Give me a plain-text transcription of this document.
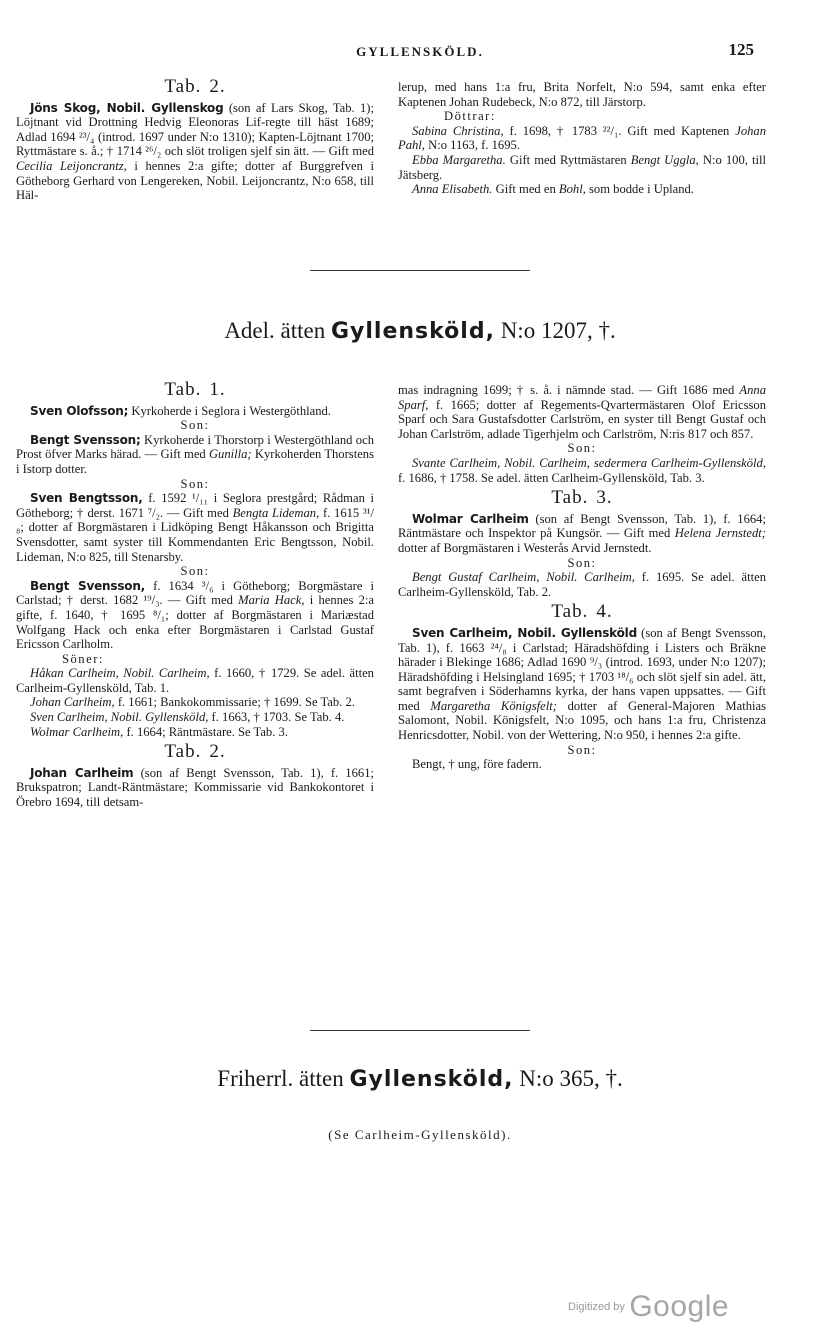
GYLLENSKÖLD.	125
Tab. 2.

Jöns Skog, Nobil. Gyllenskog (son af Lars Skog, Tab. 1); Löjtnant vid Drottning Hedvig Eleonoras Lif-regte till häst 1689; Adlad 1694 ²³/₄ (introd. 1697 under N:o 1310); Kapten-Löjtnant 1700; Ryttmästare s. å.; † 1714 ²⁶/₂ och slöt troligen sjelf sin ätt. — Gift med Cecilia Leijoncrantz, i hennes 2:a gifte; dotter af Burggrefven i Götheborg Gerhard von Lengereken, Nobil. Leijoncrantz, N:o 658, till Häl-

lerup, med hans 1:a fru, Brita Norfelt, N:o 594, samt enka efter Kaptenen Johan Rudebeck, N:o 872, till Järstorp.

Döttrar:

Sabina Christina, f. 1698, † 1783 ²²/₁. Gift med Kaptenen Johan Pahl, N:o 1163, f. 1695.

Ebba Margaretha. Gift med Ryttmästaren Bengt Uggla, N:o 100, till Jätsberg.

Anna Elisabeth. Gift med en Bohl, som bodde i Upland.

Adel. ätten Gyllensköld, N:o 1207, †.
Tab. 1.

Sven Olofsson; Kyrkoherde i Seglora i Westergöthland.

Son:

Bengt Svensson; Kyrkoherde i Thorstorp i Westergöthland och Prost öfver Marks härad. — Gift med Gunilla; Kyrkoherden Thorstens i Istorp dotter.

Son:

Sven Bengtsson, f. 1592 ¹/₁₁ i Seglora prestgård; Rådman i Götheborg; † derst. 1671 ⁷/₂. — Gift med Bengta Lideman, f. 1615 ³¹/₈; dotter af Borgmästaren i Lidköping Bengt Håkansson och Brigitta Svensdotter, samt syster till Kommendanten Eric Bengtsson, Nobil. Lideman, N:o 825, till Stenarsby.

Son:

Bengt Svensson, f. 1634 ³/₆ i Götheborg; Borgmästare i Carlstad; † derst. 1682 ¹⁹/₃. — Gift med Maria Hack, i hennes 2:a gifte, f. 1640, † 1695 ⁸/₁; dotter af Borgmästaren i Mariæstad Wolfgang Hack och enka efter Borgmästaren i Carlstad Gustaf Ericsson Carlholm.

Söner:

Håkan Carlheim, Nobil. Carlheim, f. 1660, † 1729. Se adel. ätten Carlheim-Gyllensköld, Tab. 1.

Johan Carlheim, f. 1661; Bankokommissarie; † 1699. Se Tab. 2.

Sven Carlheim, Nobil. Gyllensköld, f. 1663, † 1703. Se Tab. 4.

Wolmar Carlheim, f. 1664; Räntmästare. Se Tab. 3.

Tab. 2.

Johan Carlheim (son af Bengt Svensson, Tab. 1), f. 1661; Brukspatron; Landt-Räntmästare; Kommissarie vid Bankokontoret i Örebro 1694, till detsam-

mas indragning 1699; † s. å. i nämnde stad. — Gift 1686 med Anna Sparf, f. 1665; dotter af Regements-Qvartermästaren Olof Ericsson Sparf och Sara Gustafsdotter Carlström, en syster till Bengt Gustaf och Johan Carlström, adlade Tigerhjelm och Carlström, N:ris 817 och 857.

Son:

Svante Carlheim, Nobil. Carlheim, sedermera Carlheim-Gyllensköld, f. 1686, † 1758. Se adel. ätten Carlheim-Gyllensköld, Tab. 3.

Tab. 3.

Wolmar Carlheim (son af Bengt Svensson, Tab. 1), f. 1664; Räntmästare och Inspektor på Kungsör. — Gift med Helena Jernstedt; dotter af Borgmästaren i Westerås Arvid Jernstedt.

Son:

Bengt Gustaf Carlheim, Nobil. Carlheim, f. 1695. Se adel. ätten Carlheim-Gyllensköld, Tab. 2.

Tab. 4.

Sven Carlheim, Nobil. Gyllensköld (son af Bengt Svensson, Tab. 1), f. 1663 ²⁴/₈ i Carlstad; Häradshöfding i Listers och Bräkne härader i Blekinge 1686; Adlad 1690 ⁹/₃ (introd. 1693, under N:o 1207); Häradshöfding i Helsingland 1695; † 1703 ¹⁸/₆ och slöt sjelf sin adel. ätt, samt begrafven i Söderhamns kyrka, der hans vapen uppsattes. — Gift med Margaretha Königsfelt; dotter af General-Majoren Mathias Salomont, Nobil. Königsfelt, N:o 1095, och hans 1:a fru, Christenza Henricsdotter, Nobil. von der Wettering, N:o 950, i hennes 2:a gifte.

Son:

Bengt, † ung, före fadern.

Friherrl. ätten Gyllensköld, N:o 365, †.
(Se Carlheim-Gyllensköld).
Digitized by Google
